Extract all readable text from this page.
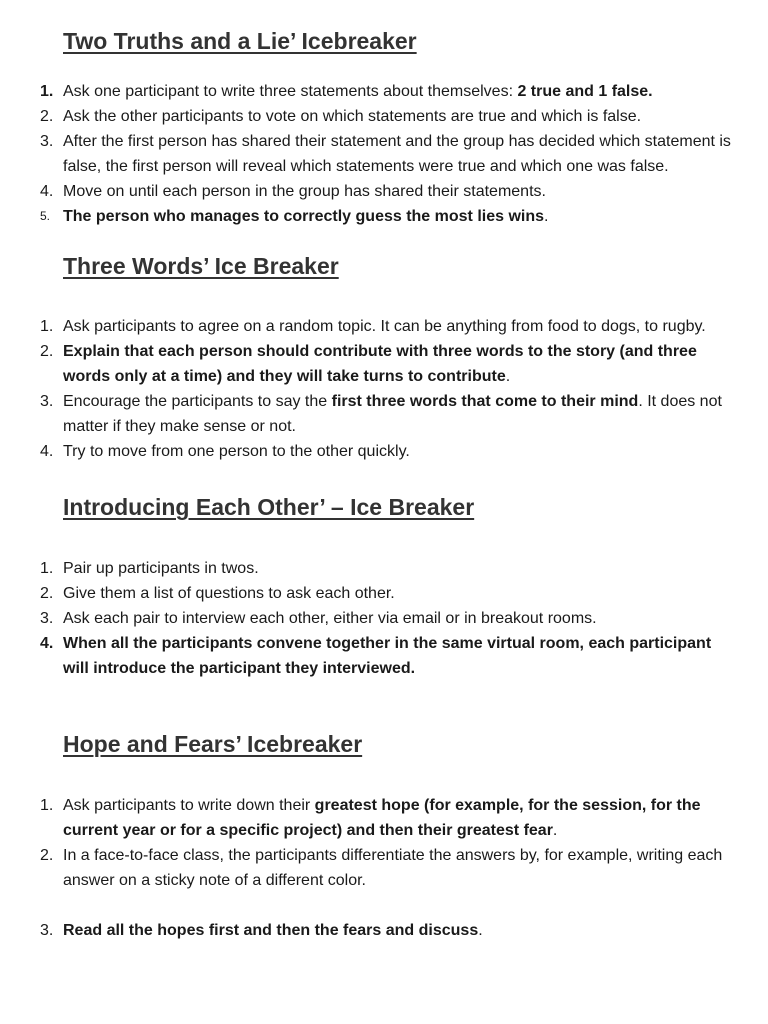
Two Truths and a Lie’ Icebreaker
1. Ask one participant to write three statements about themselves: 2 true and 1 false.
2. Ask the other participants to vote on which statements are true and which is false.
3. After the first person has shared their statement and the group has decided which statement is false, the first person will reveal which statements were true and which one was false.
4. Move on until each person in the group has shared their statements.
5. The person who manages to correctly guess the most lies wins.
Three Words’ Ice Breaker
1. Ask participants to agree on a random topic. It can be anything from food to dogs, to rugby.
2. Explain that each person should contribute with three words to the story (and three words only at a time) and they will take turns to contribute.
3. Encourage the participants to say the first three words that come to their mind. It does not matter if they make sense or not.
4. Try to move from one person to the other quickly.
Introducing Each Other’ – Ice Breaker
1. Pair up participants in twos.
2. Give them a list of questions to ask each other.
3. Ask each pair to interview each other, either via email or in breakout rooms.
4. When all the participants convene together in the same virtual room, each participant will introduce the participant they interviewed.
Hope and Fears’ Icebreaker
1. Ask participants to write down their greatest hope (for example, for the session, for the current year or for a specific project) and then their greatest fear.
2. In a face-to-face class, the participants differentiate the answers by, for example, writing each answer on a sticky note of a different color.
3. Read all the hopes first and then the fears and discuss.
